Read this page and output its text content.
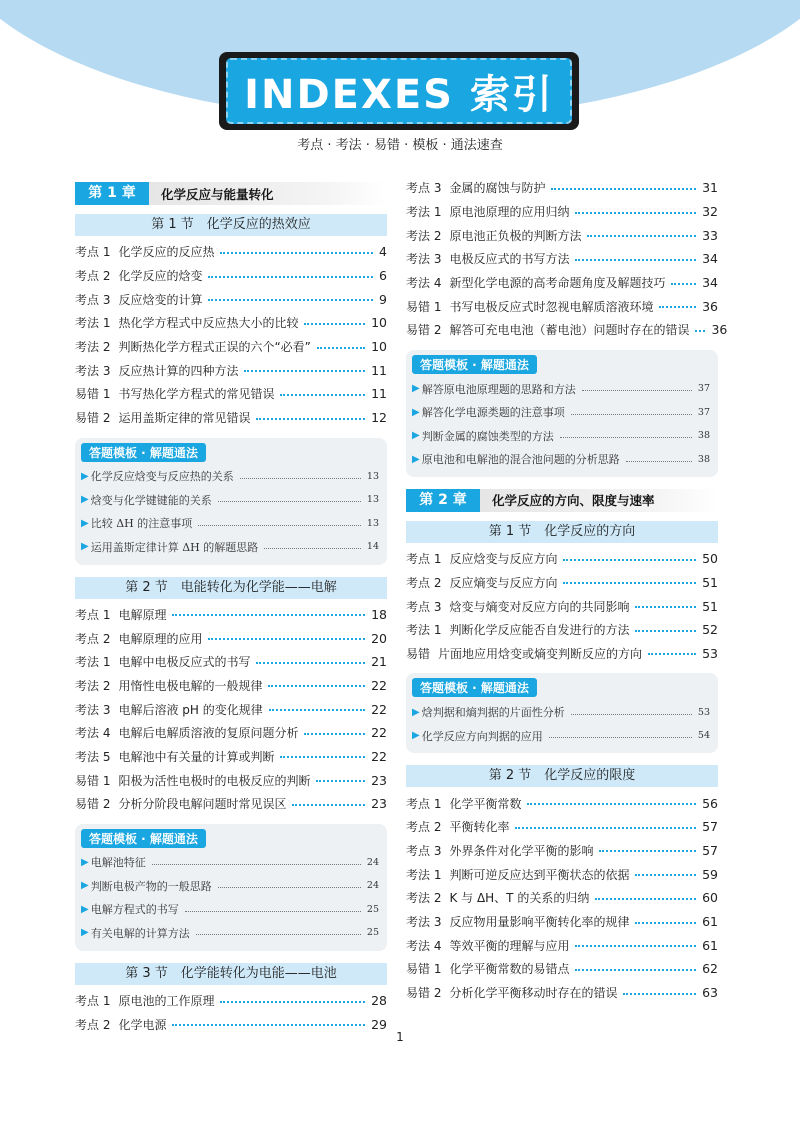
INDEXES 索引
考点 · 考法 · 易错 · 模板 · 通法速查
第 1 章	化学反应与能量转化
第 1 节　化学反应的热效应
考点 1 化学反应的反应热	4
考点 2 化学反应的焓变	6
考点 3 反应焓变的计算	9
考法 1 热化学方程式中反应热大小的比较	10
考法 2 判断热化学方程式正误的六个“必看”	10
考法 3 反应热计算的四种方法	11
易错 1 书写热化学方程式的常见错误	11
易错 2 运用盖斯定律的常见错误	12
答题模板 · 解题通法
▶ 化学反应焓变与反应热的关系	13
▶ 焓变与化学键键能的关系	13
▶ 比较 ΔH 的注意事项	13
▶ 运用盖斯定律计算 ΔH 的解题思路	14
第 2 节　电能转化为化学能——电解
考点 1 电解原理	18
考点 2 电解原理的应用	20
考法 1 电解中电极反应式的书写	21
考法 2 用惰性电极电解的一般规律	22
考法 3 电解后溶液 pH 的变化规律	22
考法 4 电解后电解质溶液的复原问题分析	22
考法 5 电解池中有关量的计算或判断	22
易错 1 阳极为活性电极时的电极反应的判断	23
易错 2 分析分阶段电解问题时常见误区	23
答题模板 · 解题通法
▶ 电解池特征	24
▶ 判断电极产物的一般思路	24
▶ 电解方程式的书写	25
▶ 有关电解的计算方法	25
第 3 节　化学能转化为电能——电池
考点 1 原电池的工作原理	28
考点 2 化学电源	29
考点 3 金属的腐蚀与防护	31
考法 1 原电池原理的应用归纳	32
考法 2 原电池正负极的判断方法	33
考法 3 电极反应式的书写方法	34
考法 4 新型化学电源的高考命题角度及解题技巧	34
易错 1 书写电极反应式时忽视电解质溶液环境	36
易错 2 解答可充电电池（蓄电池）问题时存在的错误 36
答题模板 · 解题通法
▶ 解答原电池原理题的思路和方法	37
▶ 解答化学电源类题的注意事项	37
▶ 判断金属的腐蚀类型的方法	38
▶ 原电池和电解池的混合池问题的分析思路	38
第 2 章	化学反应的方向、限度与速率
第 1 节　化学反应的方向
考点 1 反应焓变与反应方向	50
考点 2 反应熵变与反应方向	51
考点 3 焓变与熵变对反应方向的共同影响	51
考法 1 判断化学反应能否自发进行的方法	52
易错 片面地应用焓变或熵变判断反应的方向	53
答题模板 · 解题通法
▶ 焓判据和熵判据的片面性分析	53
▶ 化学反应方向判据的应用	54
第 2 节　化学反应的限度
考点 1 化学平衡常数	56
考点 2 平衡转化率	57
考点 3 外界条件对化学平衡的影响	57
考法 1 判断可逆反应达到平衡状态的依据	59
考法 2 K 与 ΔH、T 的关系的归纳	60
考法 3 反应物用量影响平衡转化率的规律	61
考法 4 等效平衡的理解与应用	61
易错 1 化学平衡常数的易错点	62
易错 2 分析化学平衡移动时存在的错误	63
1
